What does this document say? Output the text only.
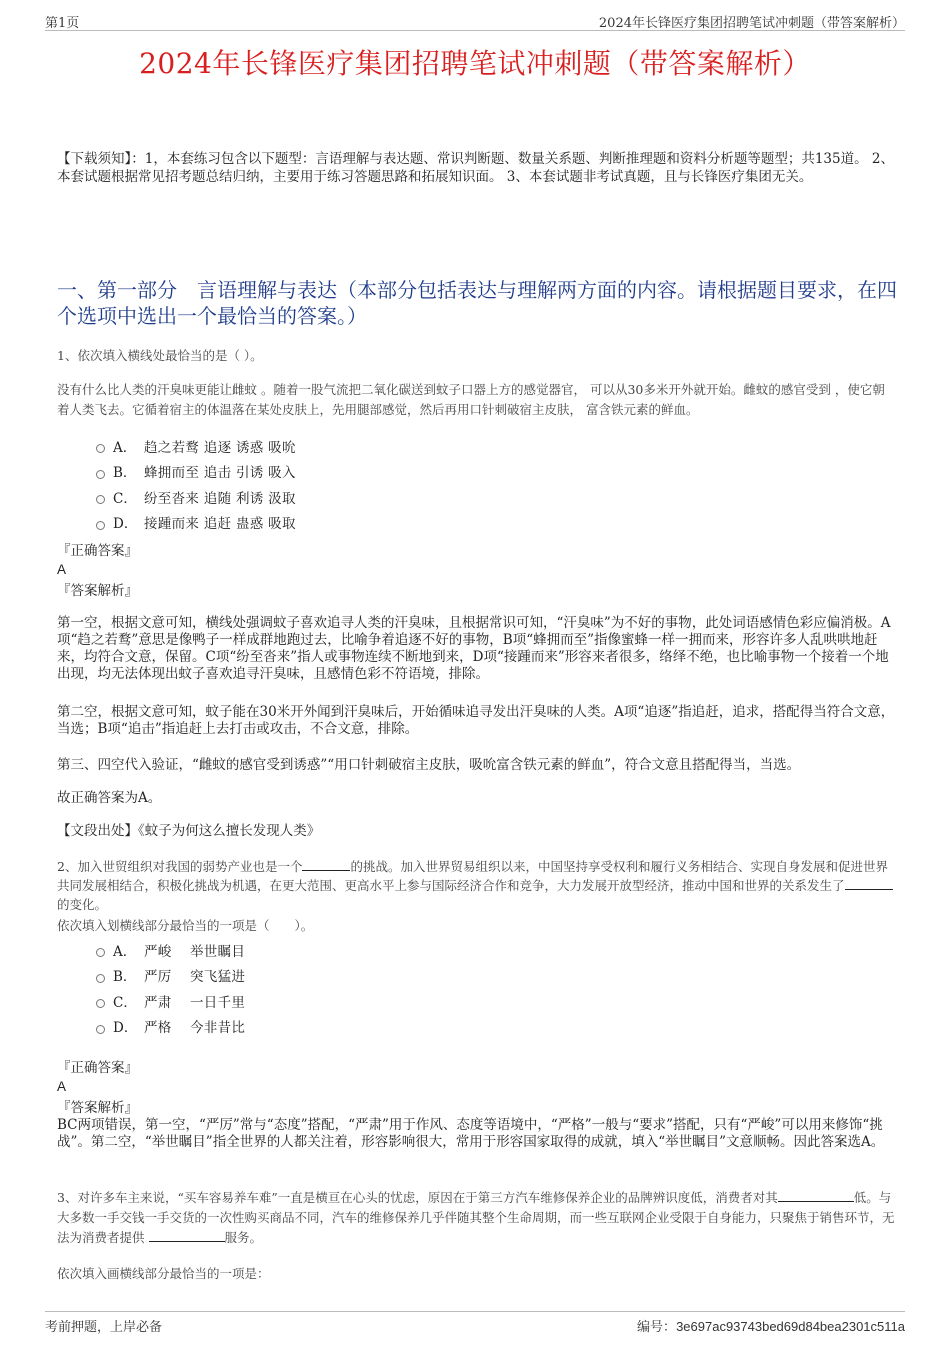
第1页	2024年长锋医疗集团招聘笔试冲刺题（带答案解析）
2024年长锋医疗集团招聘笔试冲刺题（带答案解析）
【下载须知】：1，本套练习包含以下题型：言语理解与表达题、常识判断题、数量关系题、判断推理题和资料分析题等题型；共135道。 2、本套试题根据常见招考题总结归纳，主要用于练习答题思路和拓展知识面。 3、本套试题非考试真题，且与长锋医疗集团无关。
一、第一部分　言语理解与表达（本部分包括表达与理解两方面的内容。请根据题目要求，在四个选项中选出一个最恰当的答案。）
1、依次填入横线处最恰当的是（ ）。
没有什么比人类的汗臭味更能让雌蚊 。随着一股气流把二氧化碳送到蚊子口器上方的感觉器官， 可以从30多米开外就开始。雌蚊的感官受到 ，使它朝着人类飞去。它循着宿主的体温落在某处皮肤上，先用腿部感觉，然后再用口针刺破宿主皮肤， 富含铁元素的鲜血。
A． 趋之若鹜 追逐 诱惑 吸吮
B． 蜂拥而至 追击 引诱 吸入
C． 纷至沓来 追随 利诱 汲取
D． 接踵而来 追赶 蛊惑 吸取
『正确答案』
A
『答案解析』
第一空，根据文意可知，横线处强调蚊子喜欢追寻人类的汗臭味，且根据常识可知，“汗臭味”为不好的事物，此处词语感情色彩应偏消极。A项“趋之若鹜”意思是像鸭子一样成群地跑过去，比喻争着追逐不好的事物，B项“蜂拥而至”指像蜜蜂一样一拥而来，形容许多人乱哄哄地赶来，均符合文意，保留。C项“纷至沓来”指人或事物连续不断地到来，D项“接踵而来”形容来者很多，络绎不绝，也比喻事物一个接着一个地出现，均无法体现出蚊子喜欢追寻汗臭味，且感情色彩不符语境，排除。
第二空，根据文意可知，蚊子能在30米开外闻到汗臭味后，开始循味追寻发出汗臭味的人类。A项“追逐”指追赶，追求，搭配得当符合文意，当选；B项“追击”指追赶上去打击或攻击，不合文意，排除。
第三、四空代入验证，“雌蚊的感官受到诱惑”“用口针刺破宿主皮肤，吸吮富含铁元素的鲜血”，符合文意且搭配得当，当选。
故正确答案为A。
【文段出处】《蚊子为何这么擅长发现人类》
2、加入世贸组织对我国的弱势产业也是一个	的挑战。加入世界贸易组织以来，中国坚持享受权利和履行义务相结合、实现自身发展和促进世界共同发展相结合，积极化挑战为机遇，在更大范围、更高水平上参与国际经济合作和竞争，大力发展开放型经济，推动中国和世界的关系发生了的变化。
依次填入划横线部分最恰当的一项是（　　）。
A． 严峻　 举世瞩目
B． 严厉　 突飞猛进
C． 严肃　 一日千里
D． 严格　 今非昔比
『正确答案』
A
『答案解析』
BC两项错误，第一空，“严厉”常与“态度”搭配，“严肃”用于作风、态度等语境中，“严格”一般与“要求”搭配，只有“严峻”可以用来修饰“挑战”。第二空，“举世瞩目”指全世界的人都关注着，形容影响很大，常用于形容国家取得的成就，填入“举世瞩目”文意顺畅。因此答案选A。
3、对许多车主来说，“买车容易养车难”一直是横亘在心头的忧虑，原因在于第三方汽车维修保养企业的品牌辨识度低，消费者对其	低。与大多数一手交钱一手交货的一次性购买商品不同，汽车的维修保养几乎伴随其整个生命周期，而一些互联网企业受限于自身能力，只聚焦于销售环节，无法为消费者提供	服务。
依次填入画横线部分最恰当的一项是：
考前押题，上岸必备	编号：3e697ac93743bed69d84bea2301c511a
